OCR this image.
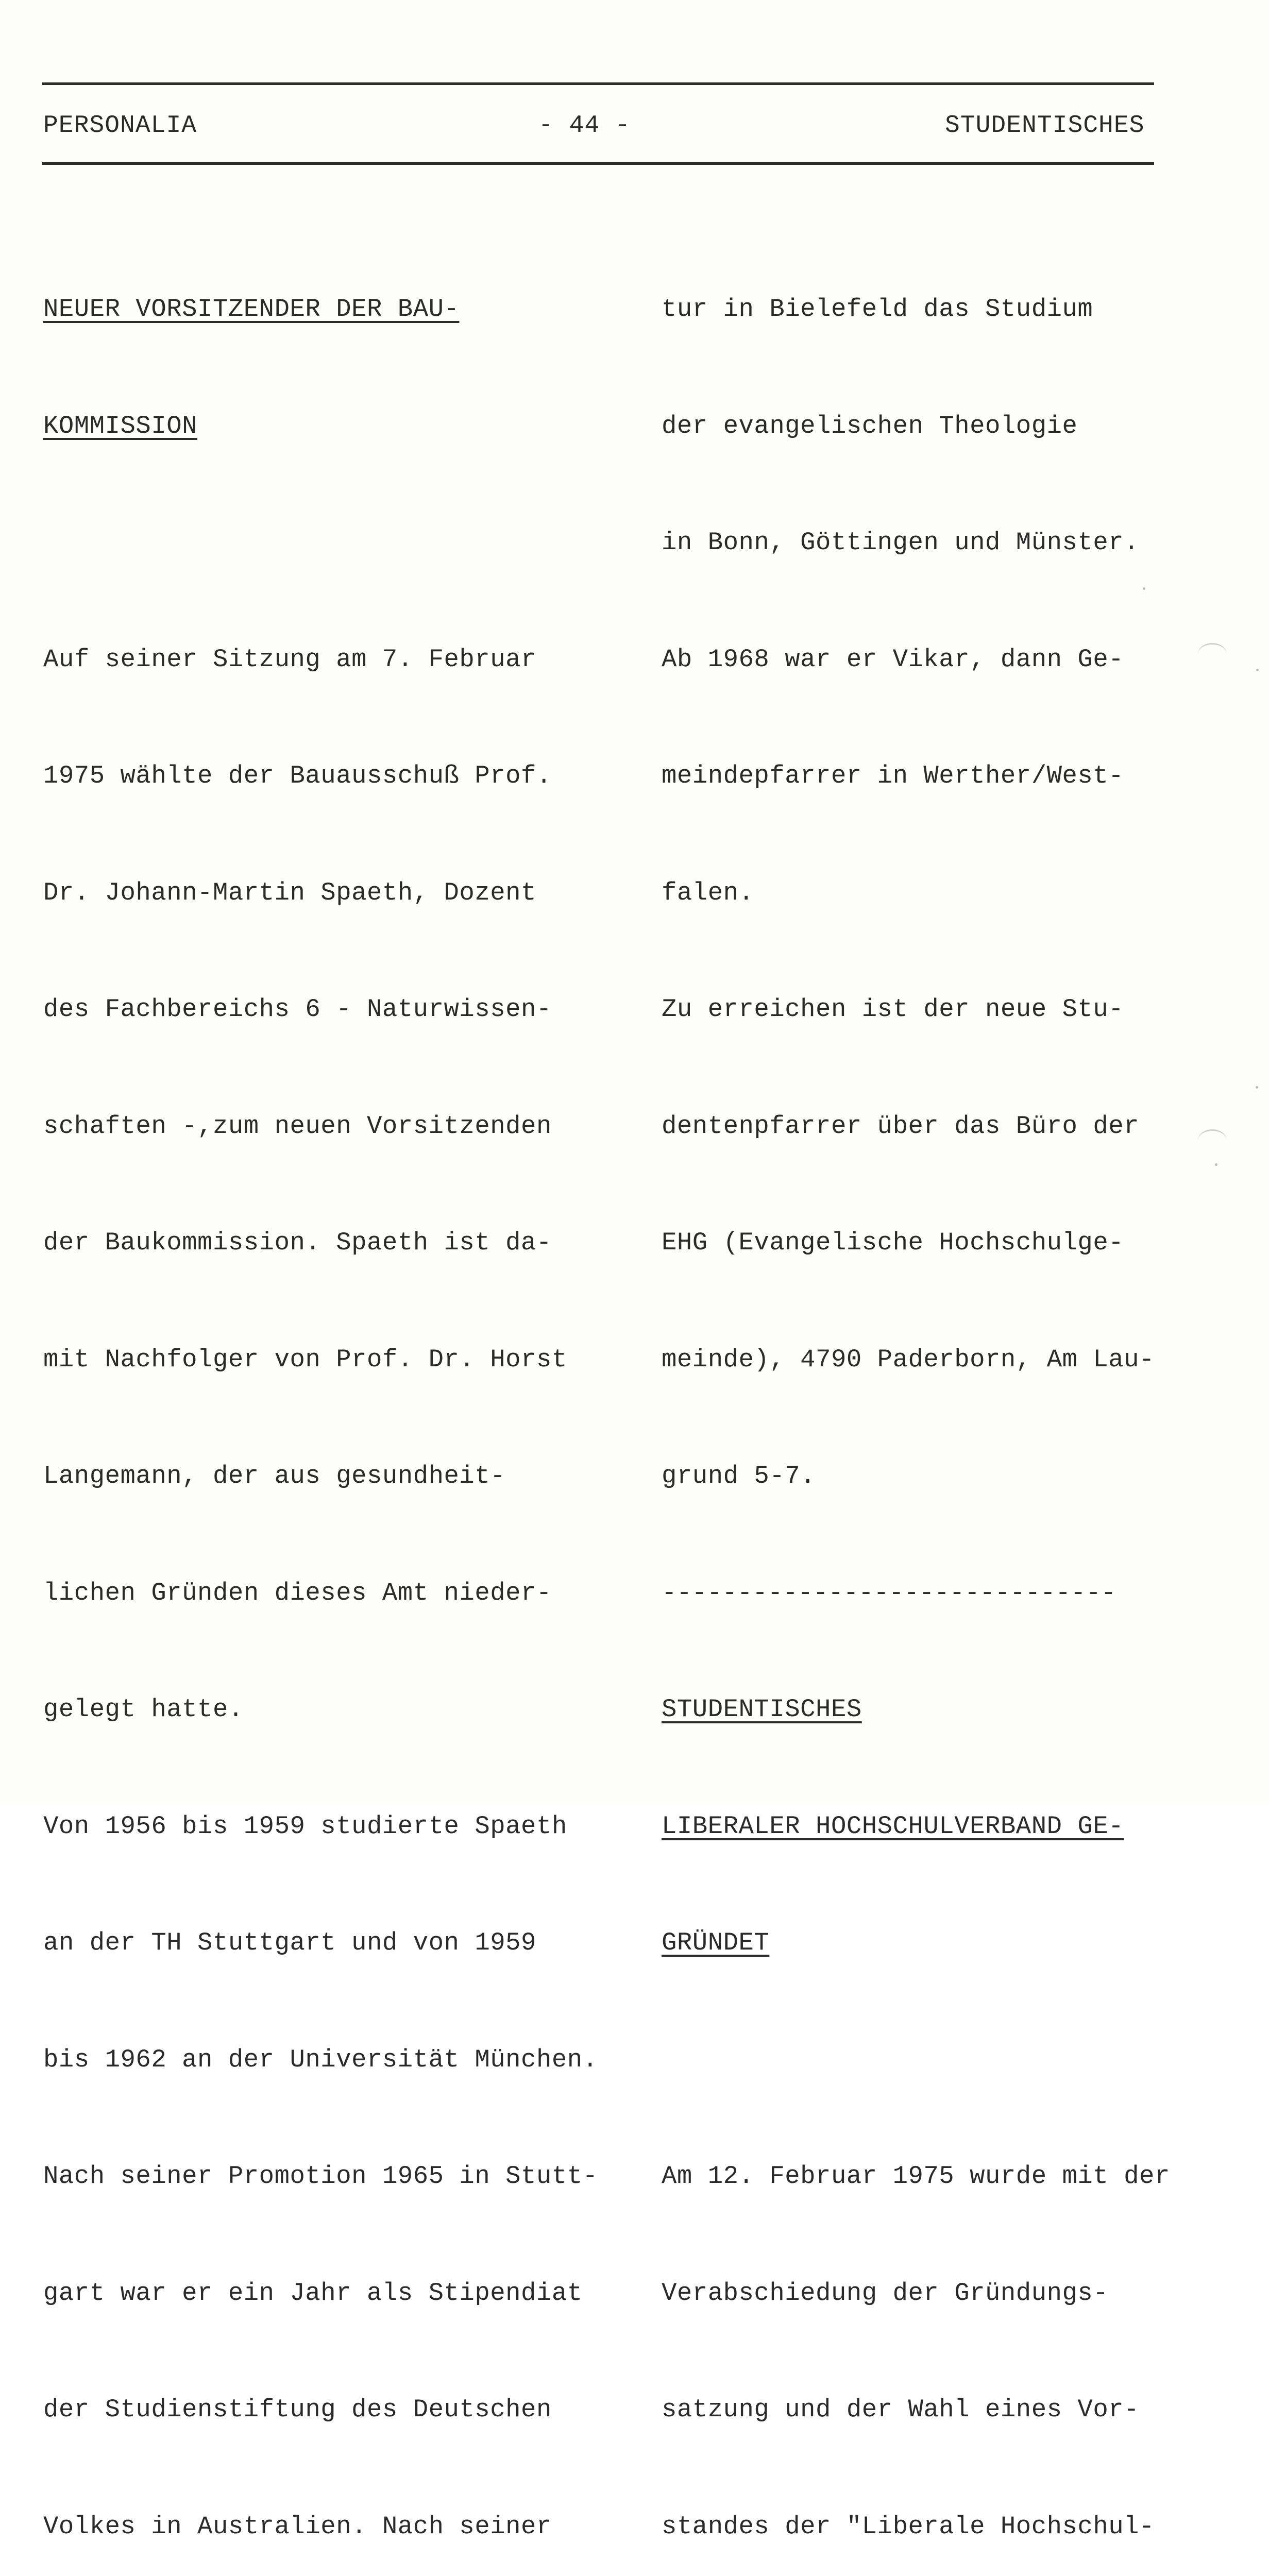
PERSONALIA	- 44 -	STUDENTISCHES

NEUER VORSITZENDER DER BAU-

KOMMISSION

Auf seiner Sitzung am 7. Februar

1975 wählte der Bauausschuß Prof.

Dr. Johann-Martin Spaeth, Dozent

des Fachbereichs 6 - Naturwissen-

schaften -,zum neuen Vorsitzenden

der Baukommission. Spaeth ist da-

mit Nachfolger von Prof. Dr. Horst

Langemann, der aus gesundheit-

lichen Gründen dieses Amt nieder-

gelegt hatte.

Von 1956 bis 1959 studierte Spaeth

an der TH Stuttgart und von 1959

bis 1962 an der Universität München.

Nach seiner Promotion 1965 in Stutt-

gart war er ein Jahr als Stipendiat

der Studienstiftung des Deutschen

Volkes in Australien. Nach seiner

tur in Bielefeld das Studium

der evangelischen Theologie

in Bonn, Göttingen und Münster.

Ab 1968 war er Vikar, dann Ge-

meindepfarrer in Werther/West-

falen.

Zu erreichen ist der neue Stu-

dentenpfarrer über das Büro der

EHG (Evangelische Hochschulge-

meinde), 4790 Paderborn, Am Lau-

grund 5-7.

------------------------------

STUDENTISCHES

LIBERALER HOCHSCHULVERBAND GE-

GRÜNDET

Am 12. Februar 1975 wurde mit der

Verabschiedung der Gründungs-

satzung und der Wahl eines Vor-

standes der "Liberale Hochschul-
